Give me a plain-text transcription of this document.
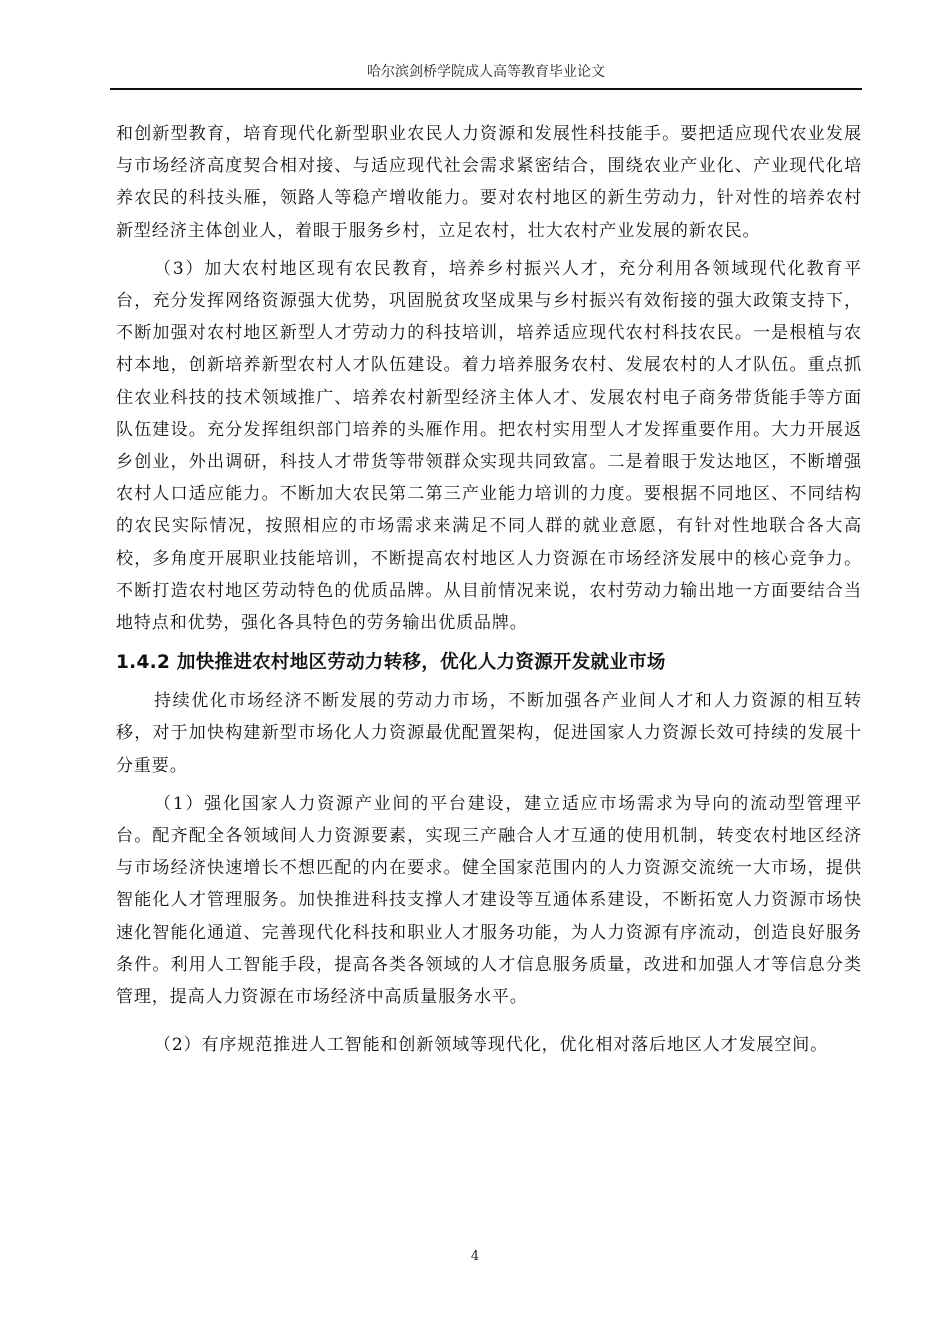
哈尔滨剑桥学院成人高等教育毕业论文

和创新型教育，培育现代化新型职业农民人力资源和发展性科技能手。要把适应现代农业发展与市场经济高度契合相对接、与适应现代社会需求紧密结合，围绕农业产业化、产业现代化培养农民的科技头雁，领路人等稳产增收能力。要对农村地区的新生劳动力，针对性的培养农村新型经济主体创业人，着眼于服务乡村，立足农村，壮大农村产业发展的新农民。

（3）加大农村地区现有农民教育，培养乡村振兴人才，充分利用各领域现代化教育平台，充分发挥网络资源强大优势，巩固脱贫攻坚成果与乡村振兴有效衔接的强大政策支持下，不断加强对农村地区新型人才劳动力的科技培训，培养适应现代农村科技农民。一是根植与农村本地，创新培养新型农村人才队伍建设。着力培养服务农村、发展农村的人才队伍。重点抓住农业科技的技术领域推广、培养农村新型经济主体人才、发展农村电子商务带货能手等方面队伍建设。充分发挥组织部门培养的头雁作用。把农村实用型人才发挥重要作用。大力开展返乡创业，外出调研，科技人才带货等带领群众实现共同致富。二是着眼于发达地区，不断增强农村人口适应能力。不断加大农民第二第三产业能力培训的力度。要根据不同地区、不同结构的农民实际情况，按照相应的市场需求来满足不同人群的就业意愿，有针对性地联合各大高校，多角度开展职业技能培训，不断提高农村地区人力资源在市场经济发展中的核心竞争力。不断打造农村地区劳动特色的优质品牌。从目前情况来说，农村劳动力输出地一方面要结合当地特点和优势，强化各具特色的劳务输出优质品牌。

1.4.2 加快推进农村地区劳动力转移，优化人力资源开发就业市场

持续优化市场经济不断发展的劳动力市场，不断加强各产业间人才和人力资源的相互转移，对于加快构建新型市场化人力资源最优配置架构，促进国家人力资源长效可持续的发展十分重要。

（1）强化国家人力资源产业间的平台建设，建立适应市场需求为导向的流动型管理平台。配齐配全各领域间人力资源要素，实现三产融合人才互通的使用机制，转变农村地区经济与市场经济快速增长不想匹配的内在要求。健全国家范围内的人力资源交流统一大市场，提供智能化人才管理服务。加快推进科技支撑人才建设等互通体系建设，不断拓宽人力资源市场快速化智能化通道、完善现代化科技和职业人才服务功能，为人力资源有序流动，创造良好服务条件。利用人工智能手段，提高各类各领域的人才信息服务质量，改进和加强人才等信息分类管理，提高人力资源在市场经济中高质量服务水平。

（2）有序规范推进人工智能和创新领域等现代化，优化相对落后地区人才发展空间。

4
